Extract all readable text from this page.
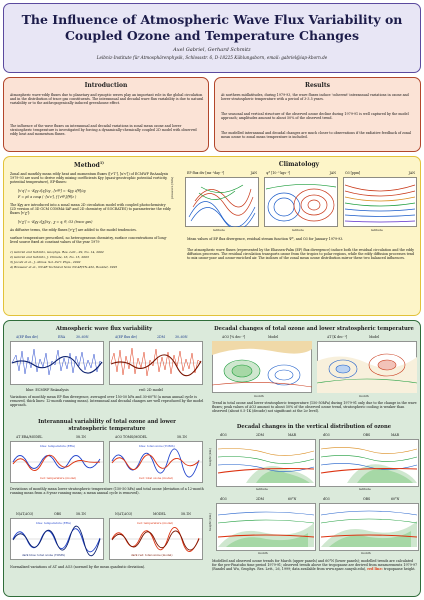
The Influence of Atmospheric Wave Flux Variability on
Coupled Ozone and Temperature Changes
Axel Gabriel, Gerhard Schmitz
Leibniz-Institute für Atmosphärenphysik, Schlossstr. 6, D-18225 Kühlungsborn, email: gabriel@iap-kborn.de
Introduction
Atmospheric wave-eddy fluxes due to planetary and synoptic waves play an important role in the global circulation and in the distribution of trace gas constituents. The interannual and decadal wave flux variability is due to natural variability or to the anthropogenically induced greenhouse effect.
The influence of the wave fluxes on interannual and decadal variations in zonal mean ozone and lower stratospheric temperature is investigated by forcing a dynamically-chemically coupled 2D model with observed eddy heat and momentum fluxes.
Results
At northern midlatitudes, during 1979-93, the wave fluxes induce 'coherent' interannual variations in ozone and lower stratospheric temperature with a period of 3-3.5 years.
The seasonal and vertical structure of the observed ozone decline during 1979-91 is well captured by the model approach; amplitudes amount to about 50% of the observed trend.
The modelled interannual and decadal changes are much closer to observations if the radiative feedback of zonal mean ozone to zonal mean temperature is included.
Method$^{1)}$
Zonal and monthly mean eddy heat and momentum fluxes ([v'T'], [u'v']) of ECMWF ReAnalysis 1979-93 are used to derive eddy mixing coefficients Kyy (quasi-geostrophic potential vorticity, potential temperature), EP-fluxes:
[v'q'] = -Kyy ∂[q]/∂y , [v'θ'] = -Kyy ∂[θ]/∂y
F = ρ0 a cosφ ( -[u'v'], f [v'θ']/[θ]z )
The Kyy are introduced into a zonal mean 2D circulation model with coupled photochemistry (2D version of 3D GCM COMMA-IAP and 2D chemistry of SOCRATES) to parameterize the eddy fluxes [v'χ']:
[v'χ'] = -Kyy ∂[χ]/∂y , χ = q, θ, O3 (trace gas)
As diffusive terms, the eddy fluxes [v'χ'] are added to the model tendencies.
surface temperature prescribed, no heterogeneous chemistry, surface concentrations of long-lived source fixed at constant values of the year 1979
1) Gabriel and Schmitz, Geophys. Res. Lett., 29, No. 14, 2002
2) Gabriel and Schmitz, J. Climate, 16, No. 15, 2003
3) Jacobi et al., J. Atmos. Sol.-Terr. Phys., 2002
4) Brasseur et al., NCAR Technical Note NCAR/TN-432, Boulder, 1995
Climatology
pressure [hPa]
EP flux div [ms⁻¹day⁻¹]	JAN
latitude
ψ* [10⁻³ kgs⁻¹]	JAN
latitude
O3 [ppm]	JAN
latitude
Mean values of EP flux divergence, residual stream function Ψ*, and O3 for January 1979-93.
The atmospheric wave fluxes (represented by the Eliassen-Palm (EP) flux divergence) induce both the residual circulation and the eddy diffusion processes. The residual circulation transports ozone from the tropics to polar regions, while the eddy diffusion processes tend to mix ozone-poor and ozone-enriched air. The isolines of the zonal mean ozone distribution mirror these two balanced influences.
Atmospheric wave flux variability
Δ(EP flux div)	ERA	30–60N	Δ(EP flux div)	2DM	30–60N
blue: ECMWF ReAnalysis	red: 2D model
Variations of monthly mean EP flux divergence, averaged over 150-50 hPa and 30-60°N (a mean annual cycle is removed, thick lines: 12-month running mean). Interannual and decadal changes are well reproduced by the model approach.
Interannual variability of total ozone and lower stratospheric temperature
ΔT ERA/MODEL	58.1N
blue: temperature (ERA)
red: temperature (model)
ΔO3 TOMS/MODEL	58.1N
blue: total ozone (TOMS)
red: total ozone (model)
Deviations of monthly mean lower stratospheric temperature (150-50 hPa) and total ozone (deviation of a 12-month running mean from a 8-year running mean; a mean annual cycle is removed).
N(ΔT,ΔO3)	OBS	58.1N
blue: temperature (ERA)
dark blue: total ozone (TOMS)
N(ΔT,ΔO3)	MODEL	58.1N
red: temperature (model)
dark red: total ozone (model)
Normalized variations of ΔT and ΔO3 (normed by the mean quadratic deviation).
Decadal changes of total ozone and lower stratospheric temperature
ΔO3 [% dec⁻¹]	Model
month
ΔT [K dec⁻¹]	Model
month
Trend in total ozone and lower stratospheric temperature (150-50hPa) during 1979-91 only due to the change in the wave fluxes; peak values of ΔO3 amount to about 50% of the observed ozone trend, stratospheric cooling is weaker than observed (about 0.5-1K (decade) not significant at the 2σ level).
Decadal changes in the vertical distribution of ozone
height [km]
height [km]
dO3	2DM	MAR
latitude
dO3	OBS	MAR
latitude
dO3	2DM	60°N
month
dO3	OBS	60°N
month
Modelled and observed ozone trends for March (upper panels) and 60°N (lower panels); modelled trends are calculated for the pre-Pinatubo time period 1979-91; observed trends above the tropopause are derived from measurements 1979-97 (Randel and Wu, Geophys. Res. Lett., 26, 1999; data available from www.sparc.sunysb.edu), red line: tropopause height.
